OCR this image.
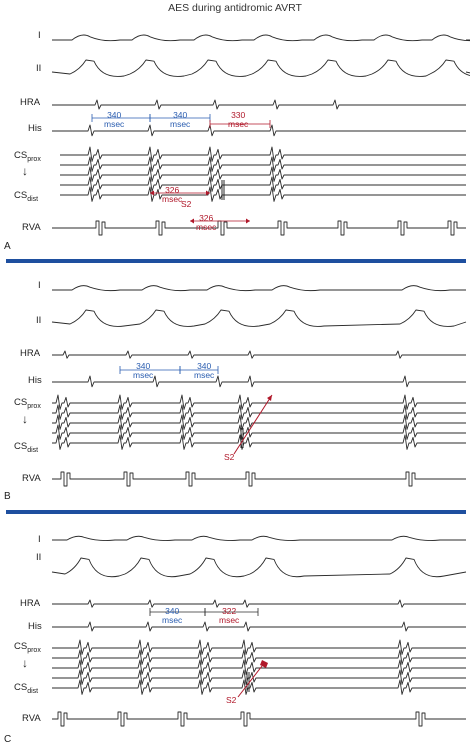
AES during antidromic AVRT
I
II
HRA
His
$CS_{prox}$
↓
$CS_{dist}$
RVA
A
340
msec
340
msec
330
msec
326
msec
S2
326
msec
I
II
HRA
His
$CS_{prox}$
↓
$CS_{dist}$
RVA
B
340
msec
340
msec
S2
I
II
HRA
His
$CS_{prox}$
↓
$CS_{dist}$
RVA
C
340
msec
322
msec
S2
